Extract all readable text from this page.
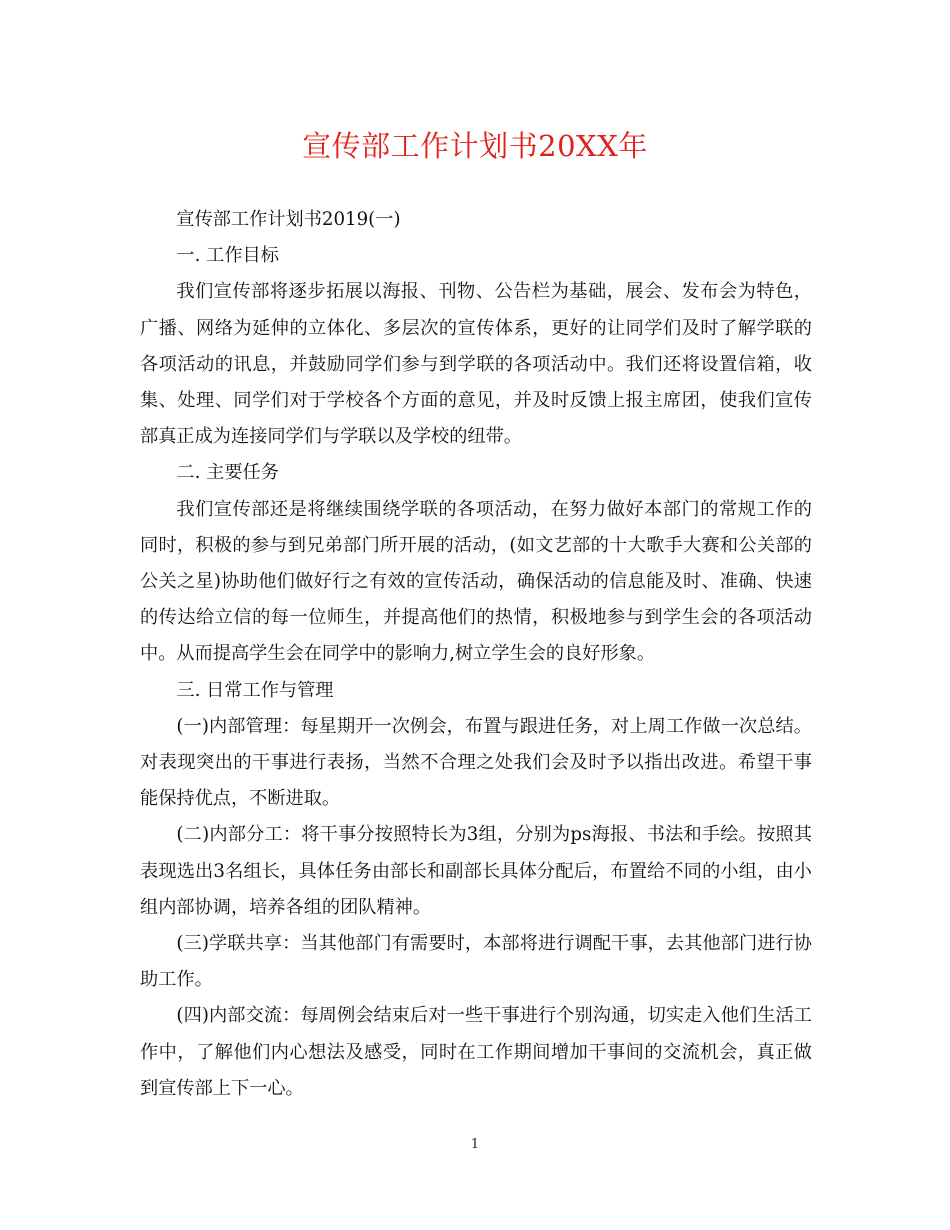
宣传部工作计划书20XX年

宣传部工作计划书2019(一)

一. 工作目标

我们宣传部将逐步拓展以海报、刊物、公告栏为基础，展会、发布会为特色，广播、网络为延伸的立体化、多层次的宣传体系，更好的让同学们及时了解学联的各项活动的讯息，并鼓励同学们参与到学联的各项活动中。我们还将设置信箱，收集、处理、同学们对于学校各个方面的意见，并及时反馈上报主席团，使我们宣传部真正成为连接同学们与学联以及学校的纽带。

二. 主要任务

我们宣传部还是将继续围绕学联的各项活动，在努力做好本部门的常规工作的同时，积极的参与到兄弟部门所开展的活动，(如文艺部的十大歌手大赛和公关部的公关之星)协助他们做好行之有效的宣传活动，确保活动的信息能及时、准确、快速的传达给立信的每一位师生，并提高他们的热情，积极地参与到学生会的各项活动中。从而提高学生会在同学中的影响力,树立学生会的良好形象。

三. 日常工作与管理

(一)内部管理：每星期开一次例会，布置与跟进任务，对上周工作做一次总结。对表现突出的干事进行表扬，当然不合理之处我们会及时予以指出改进。希望干事能保持优点，不断进取。

(二)内部分工：将干事分按照特长为3组，分别为ps海报、书法和手绘。按照其表现选出3名组长，具体任务由部长和副部长具体分配后，布置给不同的小组，由小组内部协调，培养各组的团队精神。

(三)学联共享：当其他部门有需要时，本部将进行调配干事，去其他部门进行协助工作。

(四)内部交流：每周例会结束后对一些干事进行个别沟通，切实走入他们生活工作中，了解他们内心想法及感受，同时在工作期间增加干事间的交流机会，真正做到宣传部上下一心。

1
